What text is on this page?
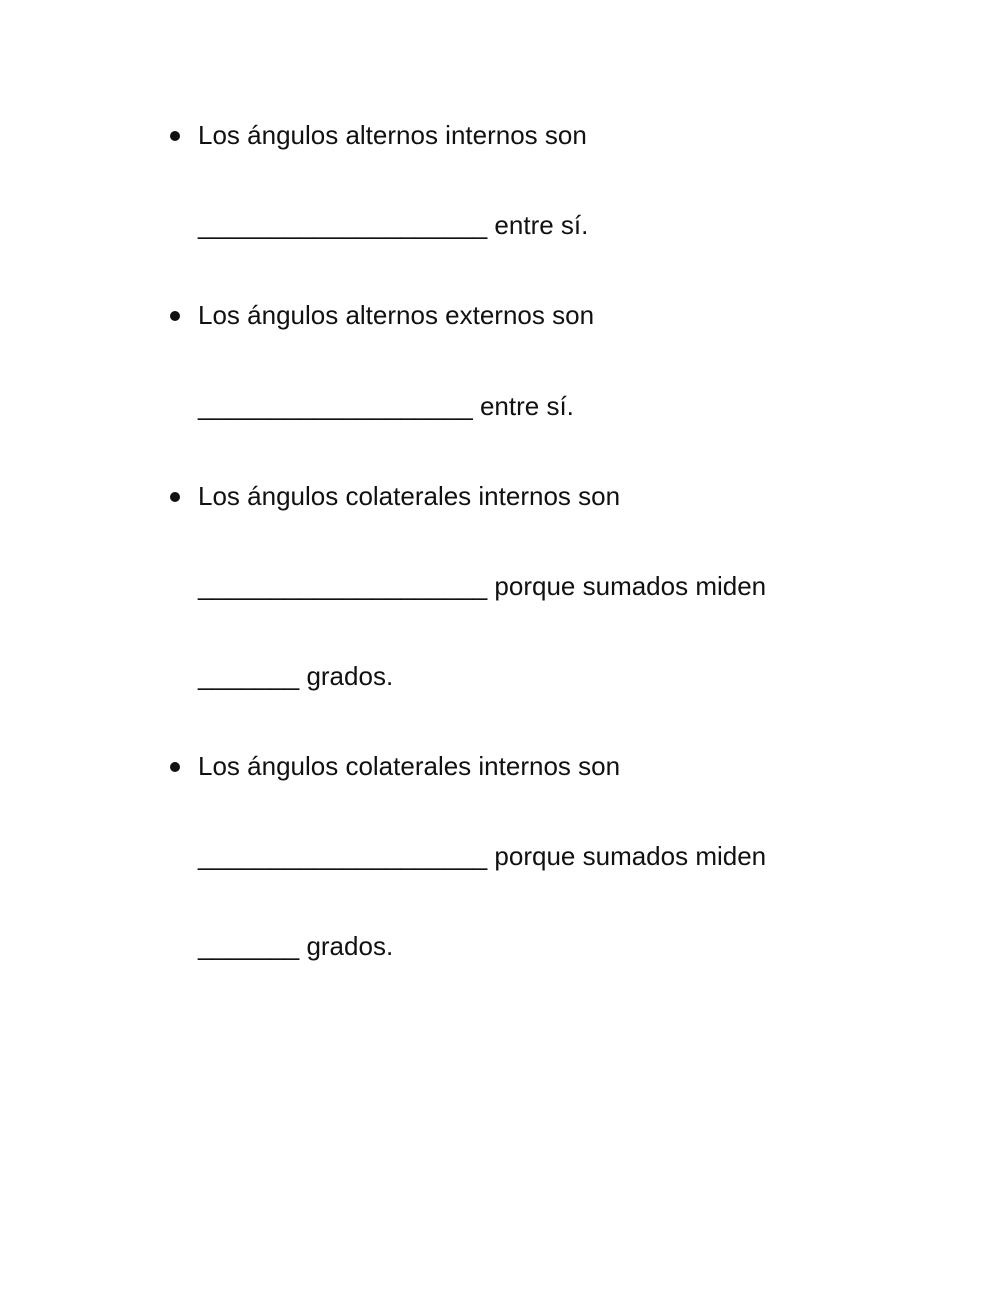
Los ángulos alternos internos son
____________________ entre sí.
Los ángulos alternos externos son
___________________ entre sí.
Los ángulos colaterales internos son
____________________ porque sumados miden
_______ grados.
Los ángulos colaterales internos son
____________________ porque sumados miden
_______ grados.
